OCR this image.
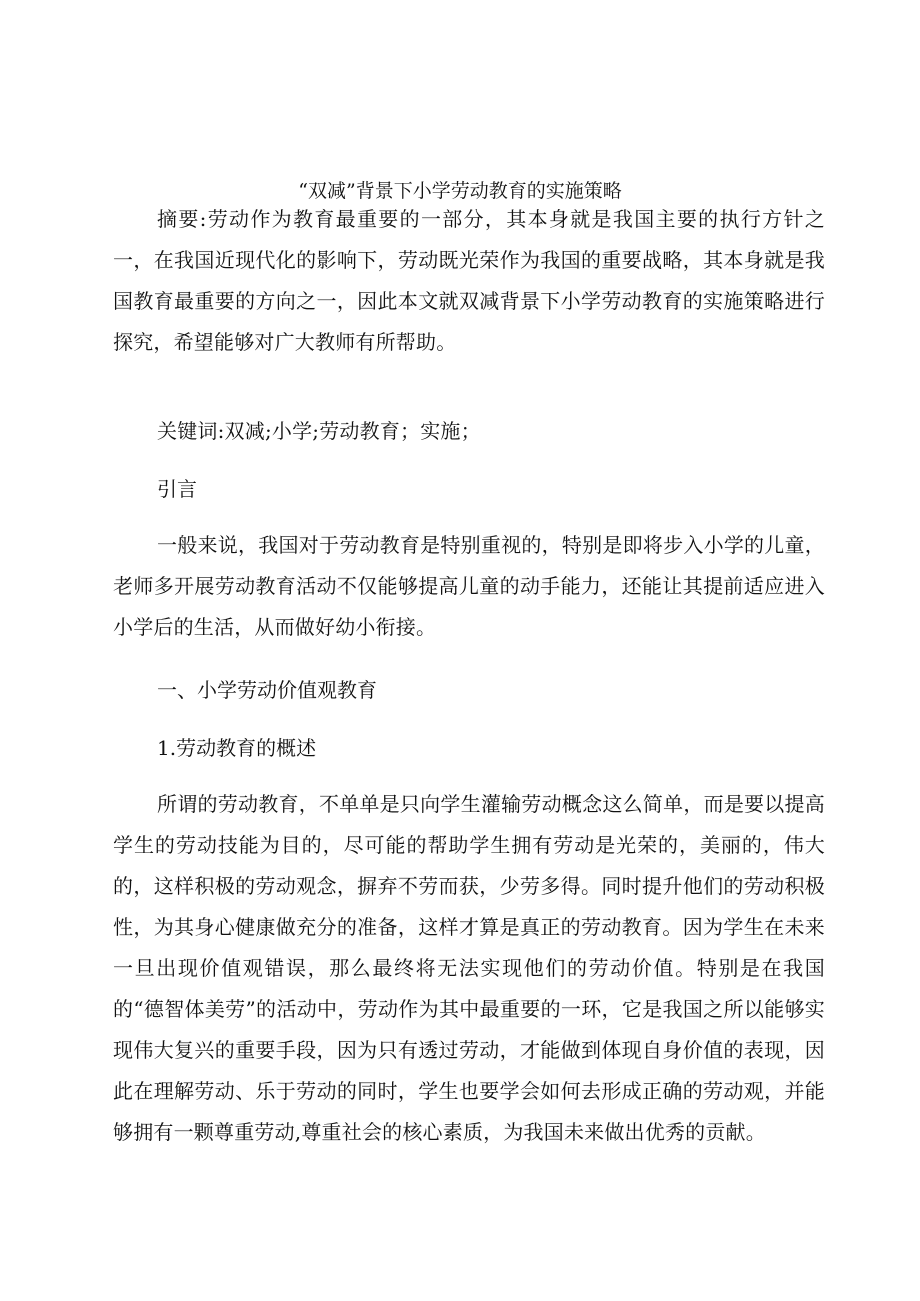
“双减”背景下小学劳动教育的实施策略

摘要:劳动作为教育最重要的一部分，其本身就是我国主要的执行方针之一，在我国近现代化的影响下，劳动既光荣作为我国的重要战略，其本身就是我国教育最重要的方向之一，因此本文就双减背景下小学劳动教育的实施策略进行探究，希望能够对广大教师有所帮助。

关键词:双减;小学;劳动教育；实施；

引言

一般来说，我国对于劳动教育是特别重视的，特别是即将步入小学的儿童，老师多开展劳动教育活动不仅能够提高儿童的动手能力，还能让其提前适应进入小学后的生活，从而做好幼小衔接。

一、小学劳动价值观教育

1.劳动教育的概述

所谓的劳动教育，不单单是只向学生灌输劳动概念这么简单，而是要以提高学生的劳动技能为目的，尽可能的帮助学生拥有劳动是光荣的，美丽的，伟大的，这样积极的劳动观念，摒弃不劳而获，少劳多得。同时提升他们的劳动积极性，为其身心健康做充分的准备，这样才算是真正的劳动教育。因为学生在未来一旦出现价值观错误，那么最终将无法实现他们的劳动价值。特别是在我国的“德智体美劳”的活动中，劳动作为其中最重要的一环，它是我国之所以能够实现伟大复兴的重要手段，因为只有透过劳动，才能做到体现自身价值的表现，因此在理解劳动、乐于劳动的同时，学生也要学会如何去形成正确的劳动观，并能够拥有一颗尊重劳动,尊重社会的核心素质，为我国未来做出优秀的贡献。
